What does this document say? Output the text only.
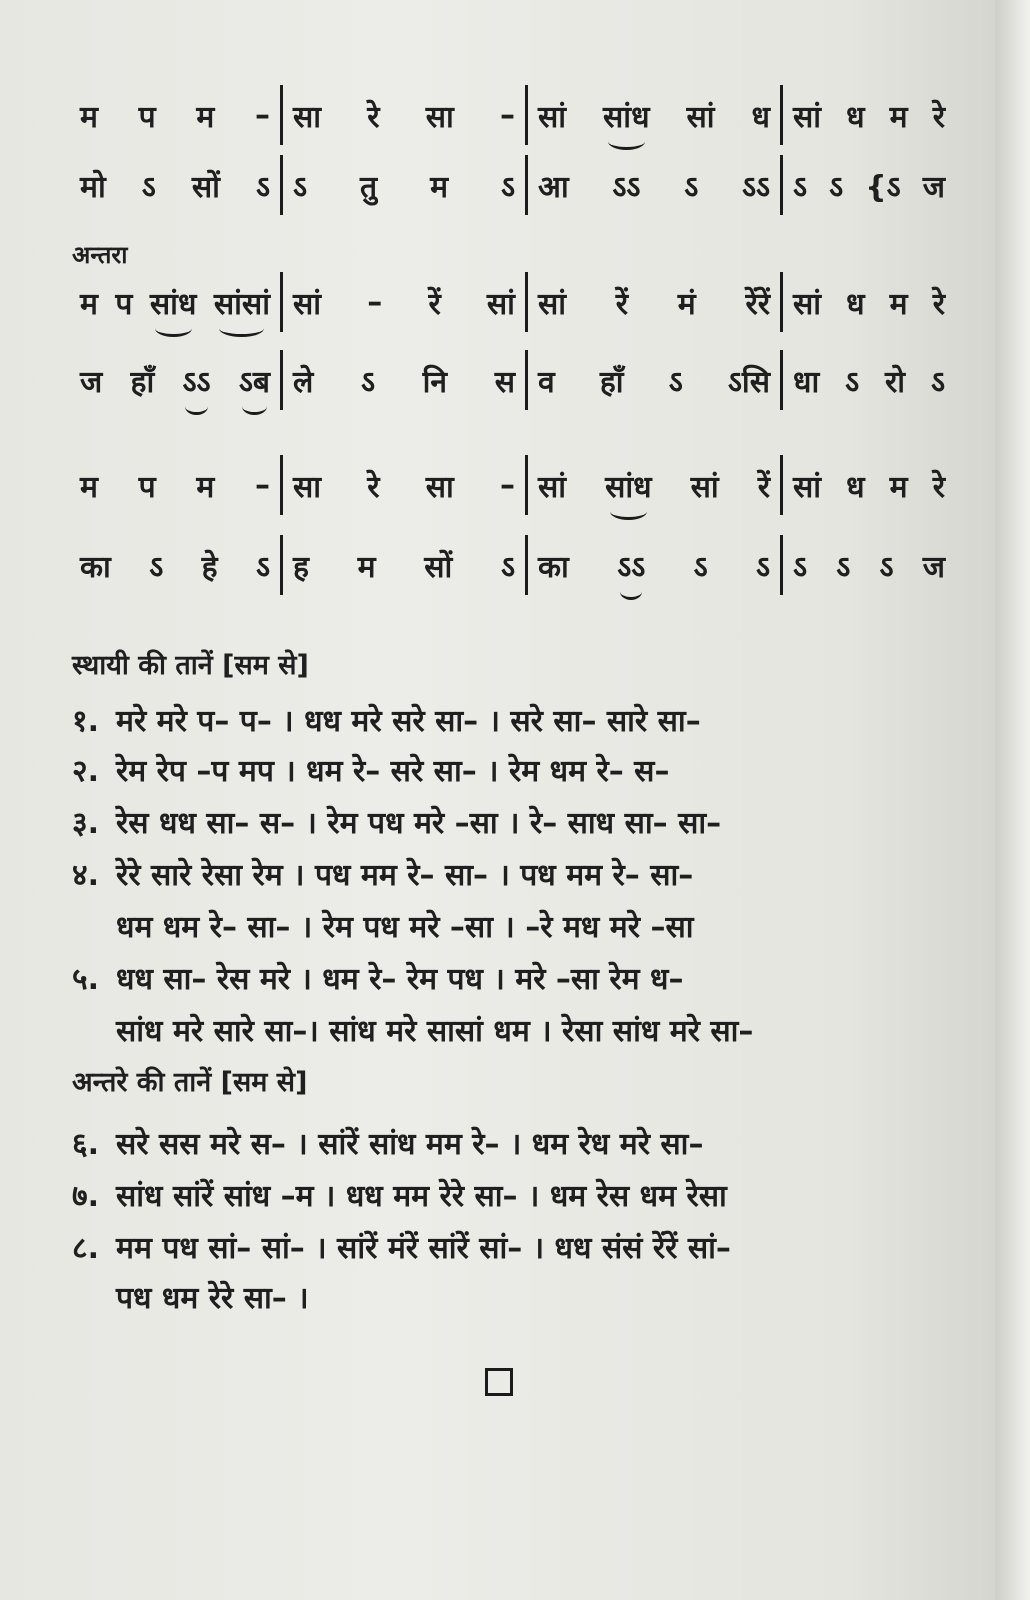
म प म – सा रे सा – सां सांध सां ध सां ध म रे
मो ऽ सों ऽ ऽ तु म ऽ आ ऽऽ ऽ ऽऽ ऽ ऽ {ऽ ज
अन्तरा
म प सांध सांसां सां – रें सां सां रें मं रेंरें सां ध म रे
ज हाँ ऽऽ ऽब ले ऽ नि स व हाँ ऽ ऽसि धा ऽ रो ऽ
म प म – सा रे सा – सां सांध सां रें सां ध म रे
का ऽ हे ऽ ह म सों ऽ का ऽऽ ऽ ऽ ऽ ऽ ऽ ज
स्थायी की तानें [सम से]
१. मरे मरे प– प– । धध मरे सरे सा– । सरे सा– सारे सा–
२. रेम रेप –प मप । धम रे– सरे सा– । रेम धम रे– स–
३. रेस धध सा– स– । रेम पध मरे –सा । रे– साध सा– सा–
४. रेरे सारे रेसा रेम । पध मम रे– सा– । पध मम रे– सा–
धम धम रे– सा– । रेम पध मरे –सा । –रे मध मरे –सा
५. धध सा– रेस मरे । धम रे– रेम पध । मरे –सा रेम ध–
सांध मरे सारे सा–। सांध मरे सासां धम । रेसा सांध मरे सा–
अन्तरे की तानें [सम से]
६. सरे सस मरे स– । सांरें सांध मम रे– । धम रेध मरे सा–
७. सांध सांरें सांध –म । धध मम रेरे सा– । धम रेस धम रेसा
८. मम पध सां– सां– । सांरें मंरें सांरें सां– । धध संसं रेंरें सां–
पध धम रेरे सा– ।
